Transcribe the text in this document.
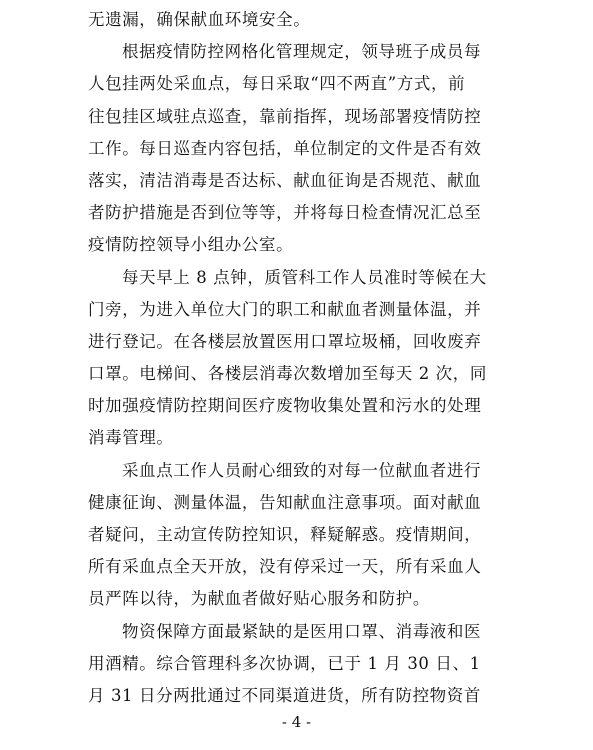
无遗漏，确保献血环境安全。
根据疫情防控网格化管理规定，领导班子成员每
人包挂两处采血点，每日采取“四不两直”方式，前
往包挂区域驻点巡查，靠前指挥，现场部署疫情防控
工作。每日巡查内容包括，单位制定的文件是否有效
落实，清洁消毒是否达标、献血征询是否规范、献血
者防护措施是否到位等等，并将每日检查情况汇总至
疫情防控领导小组办公室。
每天早上 8 点钟，质管科工作人员准时等候在大
门旁，为进入单位大门的职工和献血者测量体温，并
进行登记。在各楼层放置医用口罩垃圾桶，回收废弃
口罩。电梯间、各楼层消毒次数增加至每天 2 次，同
时加强疫情防控期间医疗废物收集处置和污水的处理
消毒管理。
采血点工作人员耐心细致的对每一位献血者进行
健康征询、测量体温，告知献血注意事项。面对献血
者疑问，主动宣传防控知识，释疑解惑。疫情期间，
所有采血点全天开放，没有停采过一天，所有采血人
员严阵以待，为献血者做好贴心服务和防护。
物资保障方面最紧缺的是医用口罩、消毒液和医
用酒精。综合管理科多次协调，已于 1 月 30 日、1
月 31 日分两批通过不同渠道进货，所有防控物资首
- 4 -
